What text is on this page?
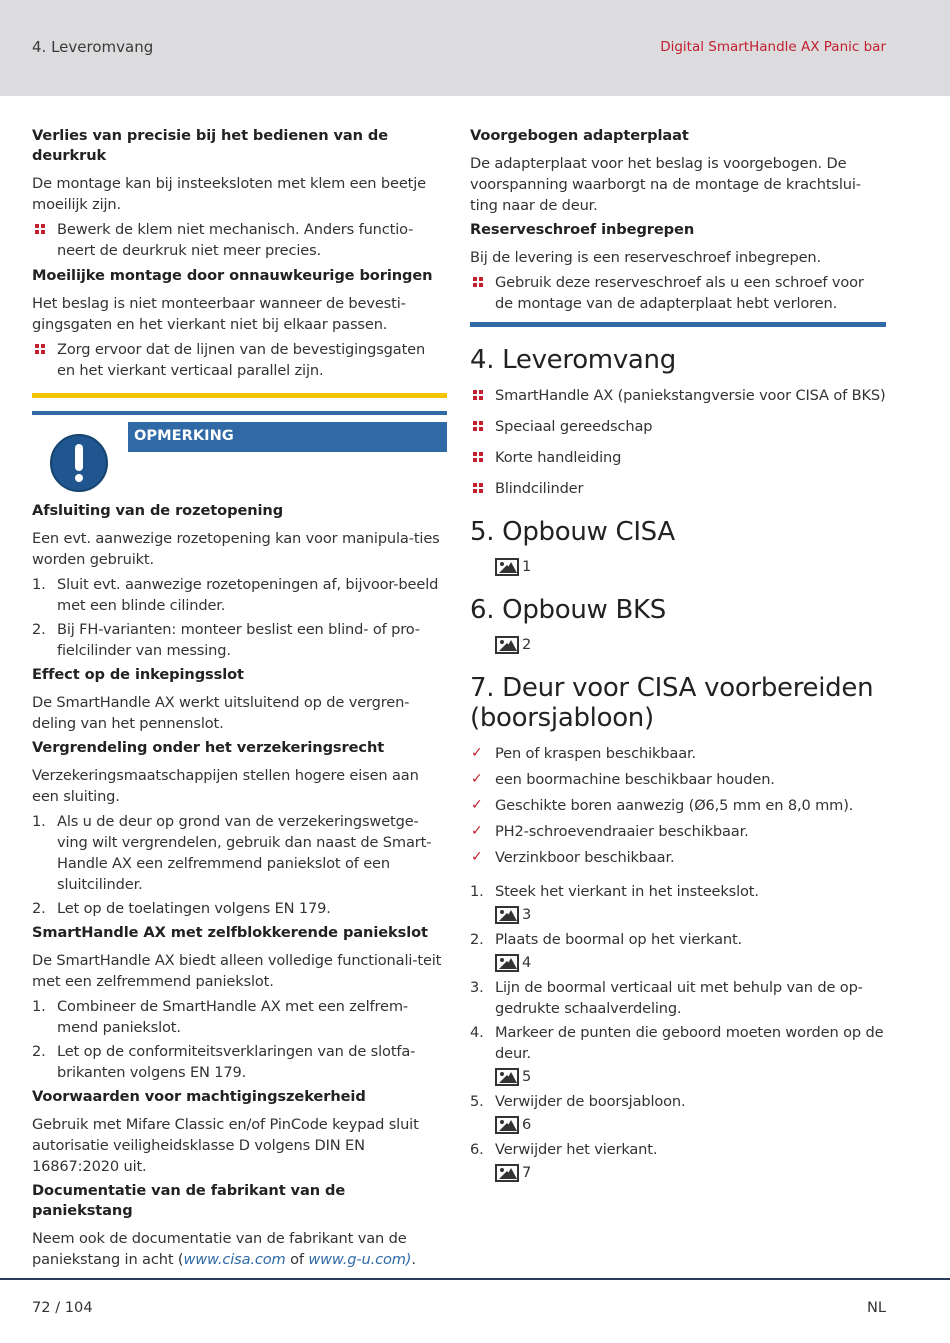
4. Leveromvang	Digital SmartHandle AX Panic bar
Verlies van precisie bij het bedienen van de deurkruk
De montage kan bij insteeksloten met klem een beetje moeilijk zijn.
Bewerk de klem niet mechanisch. Anders functio-neert de deurkruk niet meer precies.
Moeilijke montage door onnauwkeurige boringen
Het beslag is niet monteerbaar wanneer de bevesti-gingsgaten en het vierkant niet bij elkaar passen.
Zorg ervoor dat de lijnen van de bevestigingsgaten en het vierkant verticaal parallel zijn.
OPMERKING
Afsluiting van de rozetopening
Een evt. aanwezige rozetopening kan voor manipula-ties worden gebruikt.
1. Sluit evt. aanwezige rozetopeningen af, bijvoor-beeld met een blinde cilinder.
2. Bij FH-varianten: monteer beslist een blind- of pro-fielcilinder van messing.
Effect op de inkepingsslot
De SmartHandle AX werkt uitsluitend op de vergren-deling van het pennenslot.
Vergrendeling onder het verzekeringsrecht
Verzekeringsmaatschappijen stellen hogere eisen aan een sluiting.
1. Als u de deur op grond van de verzekeringswetge-ving wilt vergrendelen, gebruik dan naast de Smart-Handle AX een zelfremmend paniekslot of een sluitcilinder.
2. Let op de toelatingen volgens EN 179.
SmartHandle AX met zelfblokkerende paniekslot
De SmartHandle AX biedt alleen volledige functionali-teit met een zelfremmend paniekslot.
1. Combineer de SmartHandle AX met een zelfrem-mend paniekslot.
2. Let op de conformiteitsverklaringen van de slotfa-brikanten volgens EN 179.
Voorwaarden voor machtigingszekerheid
Gebruik met Mifare Classic en/of PinCode keypad sluit autorisatie veiligheidsklasse D volgens DIN EN 16867:2020 uit.
Documentatie van de fabrikant van de paniekstang
Neem ook de documentatie van de fabrikant van de paniekstang in acht (www.cisa.com of www.g-u.com).
Voorgebogen adapterplaat
De adapterplaat voor het beslag is voorgebogen. De voorspanning waarborgt na de montage de krachtslui-ting naar de deur.
Reserveschroef inbegrepen
Bij de levering is een reserveschroef inbegrepen.
Gebruik deze reserveschroef als u een schroef voor de montage van de adapterplaat hebt verloren.
4. Leveromvang
SmartHandle AX (paniekstangversie voor CISA of BKS)
Speciaal gereedschap
Korte handleiding
Blindcilinder
5. Opbouw CISA
1
6. Opbouw BKS
2
7. Deur voor CISA voorbereiden (boorsjabloon)
✓ Pen of kraspen beschikbaar.
✓ een boormachine beschikbaar houden.
✓ Geschikte boren aanwezig (Ø6,5 mm en 8,0 mm).
✓ PH2-schroevendraaier beschikbaar.
✓ Verzinkboor beschikbaar.
1. Steek het vierkant in het insteekslot.
3
2. Plaats de boormal op het vierkant.
4
3. Lijn de boormal verticaal uit met behulp van de op-gedrukte schaalverdeling.
4. Markeer de punten die geboord moeten worden op de deur.
5
5. Verwijder de boorsjabloon.
6
6. Verwijder het vierkant.
7
72 / 104	NL
